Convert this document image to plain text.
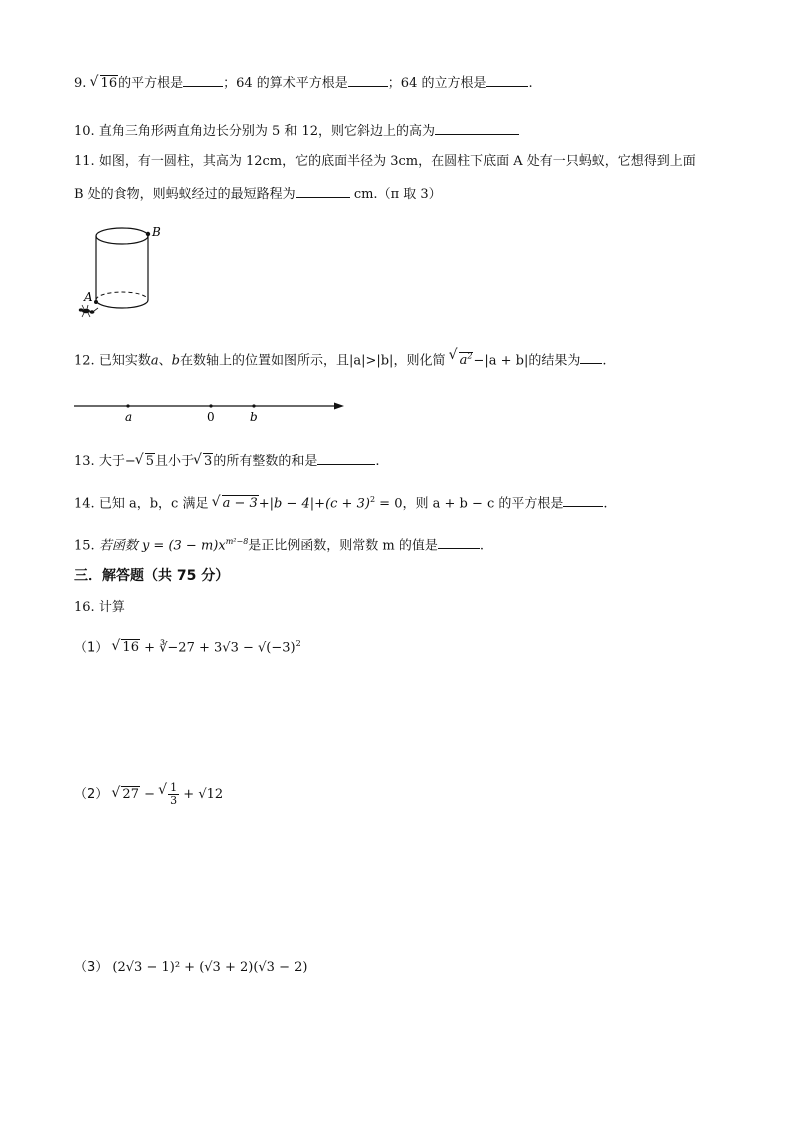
9. √ 16的平方根是	；64 的算术平方根是	；64 的立方根是	.
10. 直角三角形两直角边长分别为 5 和 12，则它斜边上的高为
11. 如图，有一圆柱，其高为 12cm，它的底面半径为 3cm，在圆柱下底面 A 处有一只蚂蚁，它想得到上面
B 处的食物，则蚂蚁经过的最短路程为	cm.（π 取 3）
B
A
12. 已知实数a、b在数轴上的位置如图所示，且|a|>|b|，则化简 √ $a^2-|a + b|$的结果为 .
a	0	b
13. 大于− √ 5且小于 √ 3的所有整数的和是	.
14. 已知 a，b，c 满足 √ $a - 3+|b - 4|+(c + 3)^2 = 0$，则 a + b − c 的平方根是	.
15. 若函数 $y = (3 - m)x^{m^2-8}$是正比例函数，则常数 m 的值是	.
三．解答题（共 75 分）
16. 计算
（1） √ 16 + ∛−27 + $3√3 - √(-3)^2$
（2） √ 27 − √ $\frac{1}{3} + √12$
（3） (2√3 − 1)² + (√3 + 2)(√3 − 2)
